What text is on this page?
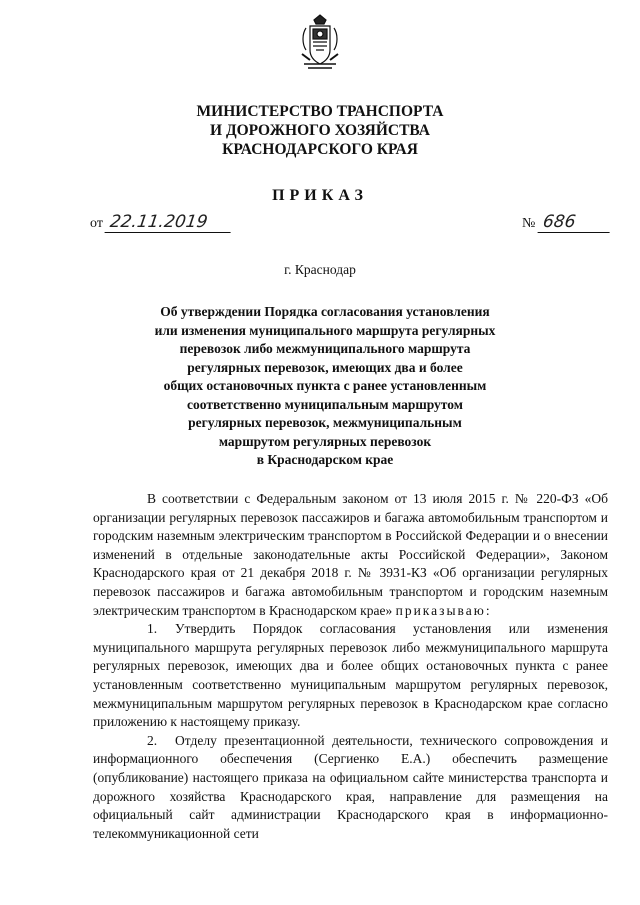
МИНИСТЕРСТВО ТРАНСПОРТА
И ДОРОЖНОГО ХОЗЯЙСТВА
КРАСНОДАРСКОГО КРАЯ
ПРИКАЗ
от 22.11.2019	№ 686
г. Краснодар
Об утверждении Порядка согласования установления
или изменения муниципального маршрута регулярных
перевозок либо межмуниципального маршрута
регулярных перевозок, имеющих два и более
общих остановочных пункта с ранее установленным
соответственно муниципальным маршрутом
регулярных перевозок, межмуниципальным
маршрутом регулярных перевозок
в Краснодарском крае

В соответствии с Федеральным законом от 13 июля 2015 г. № 220-ФЗ «Об организации регулярных перевозок пассажиров и багажа автомобильным транспортом и городским наземным электрическим транспортом в Российской Федерации и о внесении изменений в отдельные законодательные акты Российской Федерации», Законом Краснодарского края от 21 декабря 2018 г. № 3931-КЗ «Об организации регулярных перевозок пассажиров и багажа автомобильным транспортом и городским наземным электрическим транспортом в Краснодарском крае» приказываю:

1. Утвердить Порядок согласования установления или изменения муниципального маршрута регулярных перевозок либо межмуниципального маршрута регулярных перевозок, имеющих два и более общих остановочных пункта с ранее установленным соответственно муниципальным маршрутом регулярных перевозок, межмуниципальным маршрутом регулярных перевозок в Краснодарском крае согласно приложению к настоящему приказу.

2. Отделу презентационной деятельности, технического сопровождения и информационного обеспечения (Сергиенко Е.А.) обеспечить размещение (опубликование) настоящего приказа на официальном сайте министерства транспорта и дорожного хозяйства Краснодарского края, направление для размещения на официальный сайт администрации Краснодарского края в информационно-телекоммуникационной сети
